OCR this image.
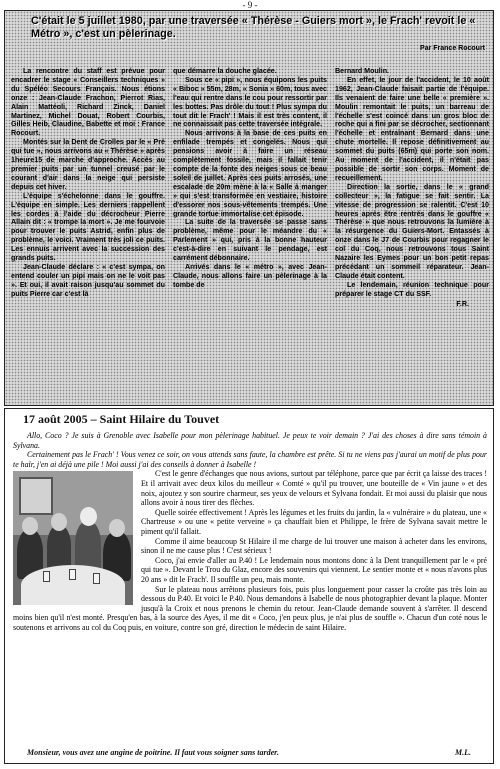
- 9 -
C'était le 5 juillet 1980, par une traversée « Thérèse - Guiers mort », le Frach' revoit le « Métro », c'est un pèlerinage.
Par France Rocourt

La rencontre du staff est prévue pour encadrer le stage « Conseillers techniques » du Spéléo Secours Français. Nous étions onze : Jean-Claude Frachon, Pierrot Rias, Alain Mattéoli, Richard Zinck, Daniel Martinez, Michel Douat, Robert Courbis, Gilles Heib, Claudine, Babette et moi : France Rocourt.

Montés sur la Dent de Crolles par le « Pré qui tue », nous arrivons au « Thérèse » après 1heure15 de marche d'approche. Accès au premier puits par un tunnel creusé par le courant d'air dans la neige qui persiste depuis cet hiver.

L'équipe s'échelonne dans le gouffre. L'équipe en simple. Les derniers rappellent les cordes à l'aide du décrocheur Pierre Allain dit : « trompe la mort ». Je me fourvoie pour trouver le puits Astrid, enfin plus de problème, le voici. Vraiment très joli ce puits. Les ennuis arrivent avec la succession des grands puits.

Jean-Claude déclare : « c'est sympa, on entend couler un pipi mais on ne le voit pas ». Et oui, il avait raison jusqu'au sommet du puits Pierre car c'est là

que démarre la douche glacée.

Sous ce « pipi », nous équipons les puits « Biboc » 55m, 28m, « Sonia » 60m, tous avec l'eau qui rentre dans le cou pour ressortir par les bottes. Pas drôle du tout ! Plus sympa du tout dit le Frach' ! Mais il est très content, il ne connaissait pas cette traversée intégrale.

Nous arrivons à la base de ces puits en enfilade trempés et congelés. Nous qui pensions avoir à faire un réseau complètement fossile, mais il fallait tenir compte de la fonte des neiges sous ce beau soleil de juillet. Après ces puits arrosés, une escalade de 20m mène à la « Salle à manger » qui s'est transformée en vestiaire, histoire d'essorer nos sous-vêtements trempés. Une grande tortue immortalise cet épisode.

La suite de la traversée se passe sans problème, même pour le méandre du « Parlement » qui, pris à la bonne hauteur c'est-à-dire en suivant le pendage, est carrément débonnaire.

Arrivés dans le « métro », avec Jean-Claude, nous allons faire un pèlerinage à la tombe de

Bernard Moulin.

En effet, le jour de l'accident, le 10 août 1962, Jean-Claude faisait partie de l'équipe. Ils venaient de faire une belle « première ». Moulin remontait le puits, un barreau de l'échelle s'est coincé dans un gros bloc de roche qui a fini par se décrocher, sectionnant l'échelle et entraînant Bernard dans une chute mortelle. Il repose définitivement au sommet du puits (65m) qui porte son nom. Au moment de l'accident, il n'était pas possible de sortir son corps. Moment de recueillement.

Direction la sortie, dans le « grand collecteur », la fatigue se fait sentir. La vitesse de progression se ralentit. C'est 10 heures après être rentrés dans le gouffre « Thérèse » que nous retrouvons la lumière à la résurgence du Guiers-Mort. Entassés à onze dans le J7 de Courbis pour regagner le col du Coq, nous retrouvons tous Saint Nazaire les Eymes pour un bon petit repas précédant un sommeil réparateur. Jean-Claude était content.

Le lendemain, réunion technique pour préparer le stage CT du SSF.

F.R.
17 août 2005 – Saint Hilaire du Touvet

Allo, Coco ? Je suis à Grenoble avec Isabelle pour mon pèlerinage habituel. Je peux te voir demain ? J'ai des choses à dire sans témoin à Sylvana.

Certainement pas le Frach' ! Vous venez ce soir, on vous attends sans faute, la chambre est prête. Si tu ne viens pas j'aurai un motif de plus pour te haïr, j'en ai déjà une pile ! Moi aussi j'ai des conseils à donner à Isabelle !

C'est le genre d'échanges que nous avions, surtout par téléphone, parce que par écrit ça laisse des traces ! Et il arrivait avec deux kilos du meilleur « Comté » qu'il pu trouver, une bouteille de « Vin jaune » et des noix, ajoutez y son sourire charmeur, ses yeux de velours et Sylvana fondait. Et moi aussi du plaisir que nous allons avoir à nous tirer des flèches.

Quelle soirée effectivement ! Après les légumes et les fruits du jardin, la « vulnéraire » du plateau, une « Chartreuse » ou une « petite verveine » ça chauffait bien et Philippe, le frère de Sylvana savait mettre le piment qu'il fallait.

Comme il aime beaucoup St Hilaire il me charge de lui trouver une maison à acheter dans les environs, sinon il ne me cause plus ! C'est sérieux !

Coco, j'ai envie d'aller au P.40 ! Le lendemain nous montons donc à la Dent tranquillement par le « pré qui tue ». Devant le Trou du Glaz, encore des souvenirs qui viennent. Le sentier monte et « nous n'avons plus 20 ans » dit le Frach'. Il souffle un peu, mais monte.

Sur le plateau nous arrêtons plusieurs fois, puis plus longuement pour casser la croûte pas très loin au dessous du P.40. Et voici le P.40. Nous demandons à Isabelle de nous photographier devant la plaque. Monter jusqu'à la Croix et nous prenons le chemin du retour. Jean-Claude demande souvent à s'arrêter. Il descend moins bien qu'il n'est monté. Presqu'en bas, à la source des Ayes, il me dit « Coco, j'en peux plus, je n'ai plus de souffle ». Chacun d'un coté nous le soutenons et arrivons au col du Coq puis, en voiture, contre son gré, direction le médecin de saint Hilaire.

Monsieur, vous avez une angine de poitrine. Il faut vous soigner sans tarder.	M.L.
